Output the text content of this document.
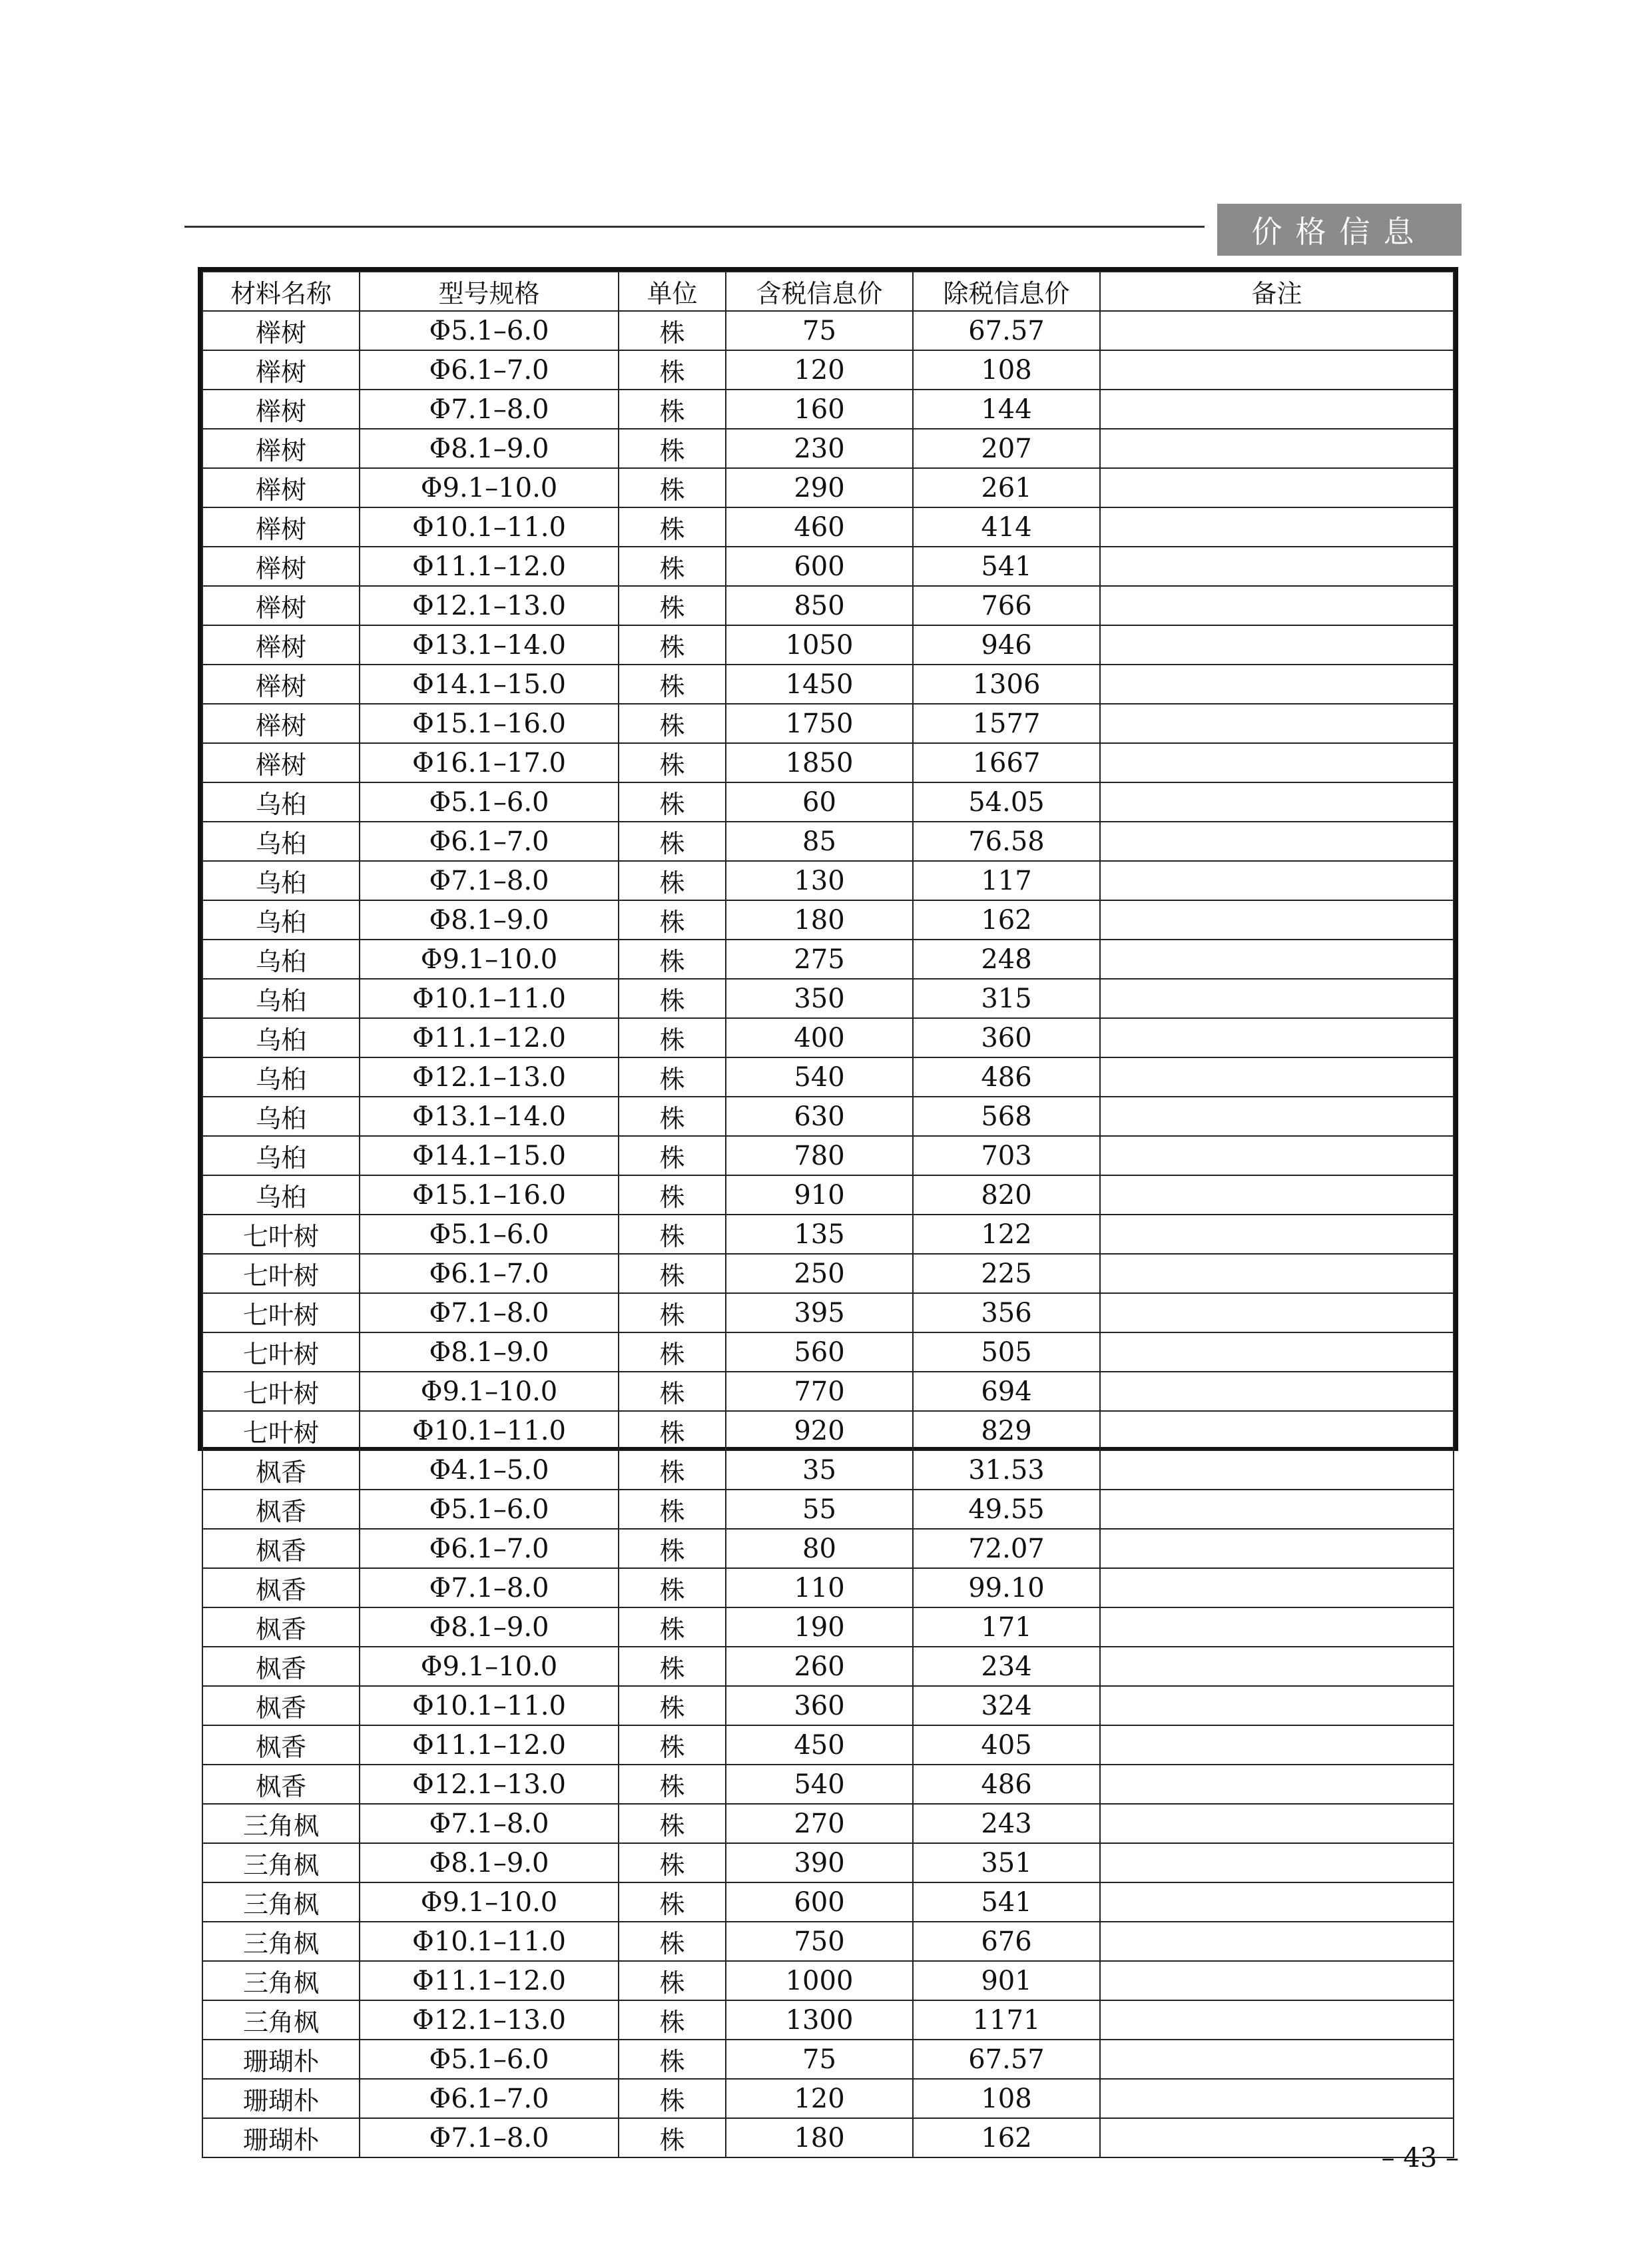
价格信息
材料名称	型号规格	单位	含税信息价	除税信息价	备注
榉树	Φ5.1–6.0	株	75	67.57	
榉树	Φ6.1–7.0	株	120	108	
榉树	Φ7.1–8.0	株	160	144	
榉树	Φ8.1–9.0	株	230	207	
榉树	Φ9.1–10.0	株	290	261	
榉树	Φ10.1–11.0	株	460	414	
榉树	Φ11.1–12.0	株	600	541	
榉树	Φ12.1–13.0	株	850	766	
榉树	Φ13.1–14.0	株	1050	946	
榉树	Φ14.1–15.0	株	1450	1306	
榉树	Φ15.1–16.0	株	1750	1577	
榉树	Φ16.1–17.0	株	1850	1667	
乌桕	Φ5.1–6.0	株	60	54.05	
乌桕	Φ6.1–7.0	株	85	76.58	
乌桕	Φ7.1–8.0	株	130	117	
乌桕	Φ8.1–9.0	株	180	162	
乌桕	Φ9.1–10.0	株	275	248	
乌桕	Φ10.1–11.0	株	350	315	
乌桕	Φ11.1–12.0	株	400	360	
乌桕	Φ12.1–13.0	株	540	486	
乌桕	Φ13.1–14.0	株	630	568	
乌桕	Φ14.1–15.0	株	780	703	
乌桕	Φ15.1–16.0	株	910	820	
七叶树	Φ5.1–6.0	株	135	122	
七叶树	Φ6.1–7.0	株	250	225	
七叶树	Φ7.1–8.0	株	395	356	
七叶树	Φ8.1–9.0	株	560	505	
七叶树	Φ9.1–10.0	株	770	694	
七叶树	Φ10.1–11.0	株	920	829	
枫香	Φ4.1–5.0	株	35	31.53	
枫香	Φ5.1–6.0	株	55	49.55	
枫香	Φ6.1–7.0	株	80	72.07	
枫香	Φ7.1–8.0	株	110	99.10	
枫香	Φ8.1–9.0	株	190	171	
枫香	Φ9.1–10.0	株	260	234	
枫香	Φ10.1–11.0	株	360	324	
枫香	Φ11.1–12.0	株	450	405	
枫香	Φ12.1–13.0	株	540	486	
三角枫	Φ7.1–8.0	株	270	243	
三角枫	Φ8.1–9.0	株	390	351	
三角枫	Φ9.1–10.0	株	600	541	
三角枫	Φ10.1–11.0	株	750	676	
三角枫	Φ11.1–12.0	株	1000	901	
三角枫	Φ12.1–13.0	株	1300	1171	
珊瑚朴	Φ5.1–6.0	株	75	67.57	
珊瑚朴	Φ6.1–7.0	株	120	108	
珊瑚朴	Φ7.1–8.0	株	180	162	
– 43 –
